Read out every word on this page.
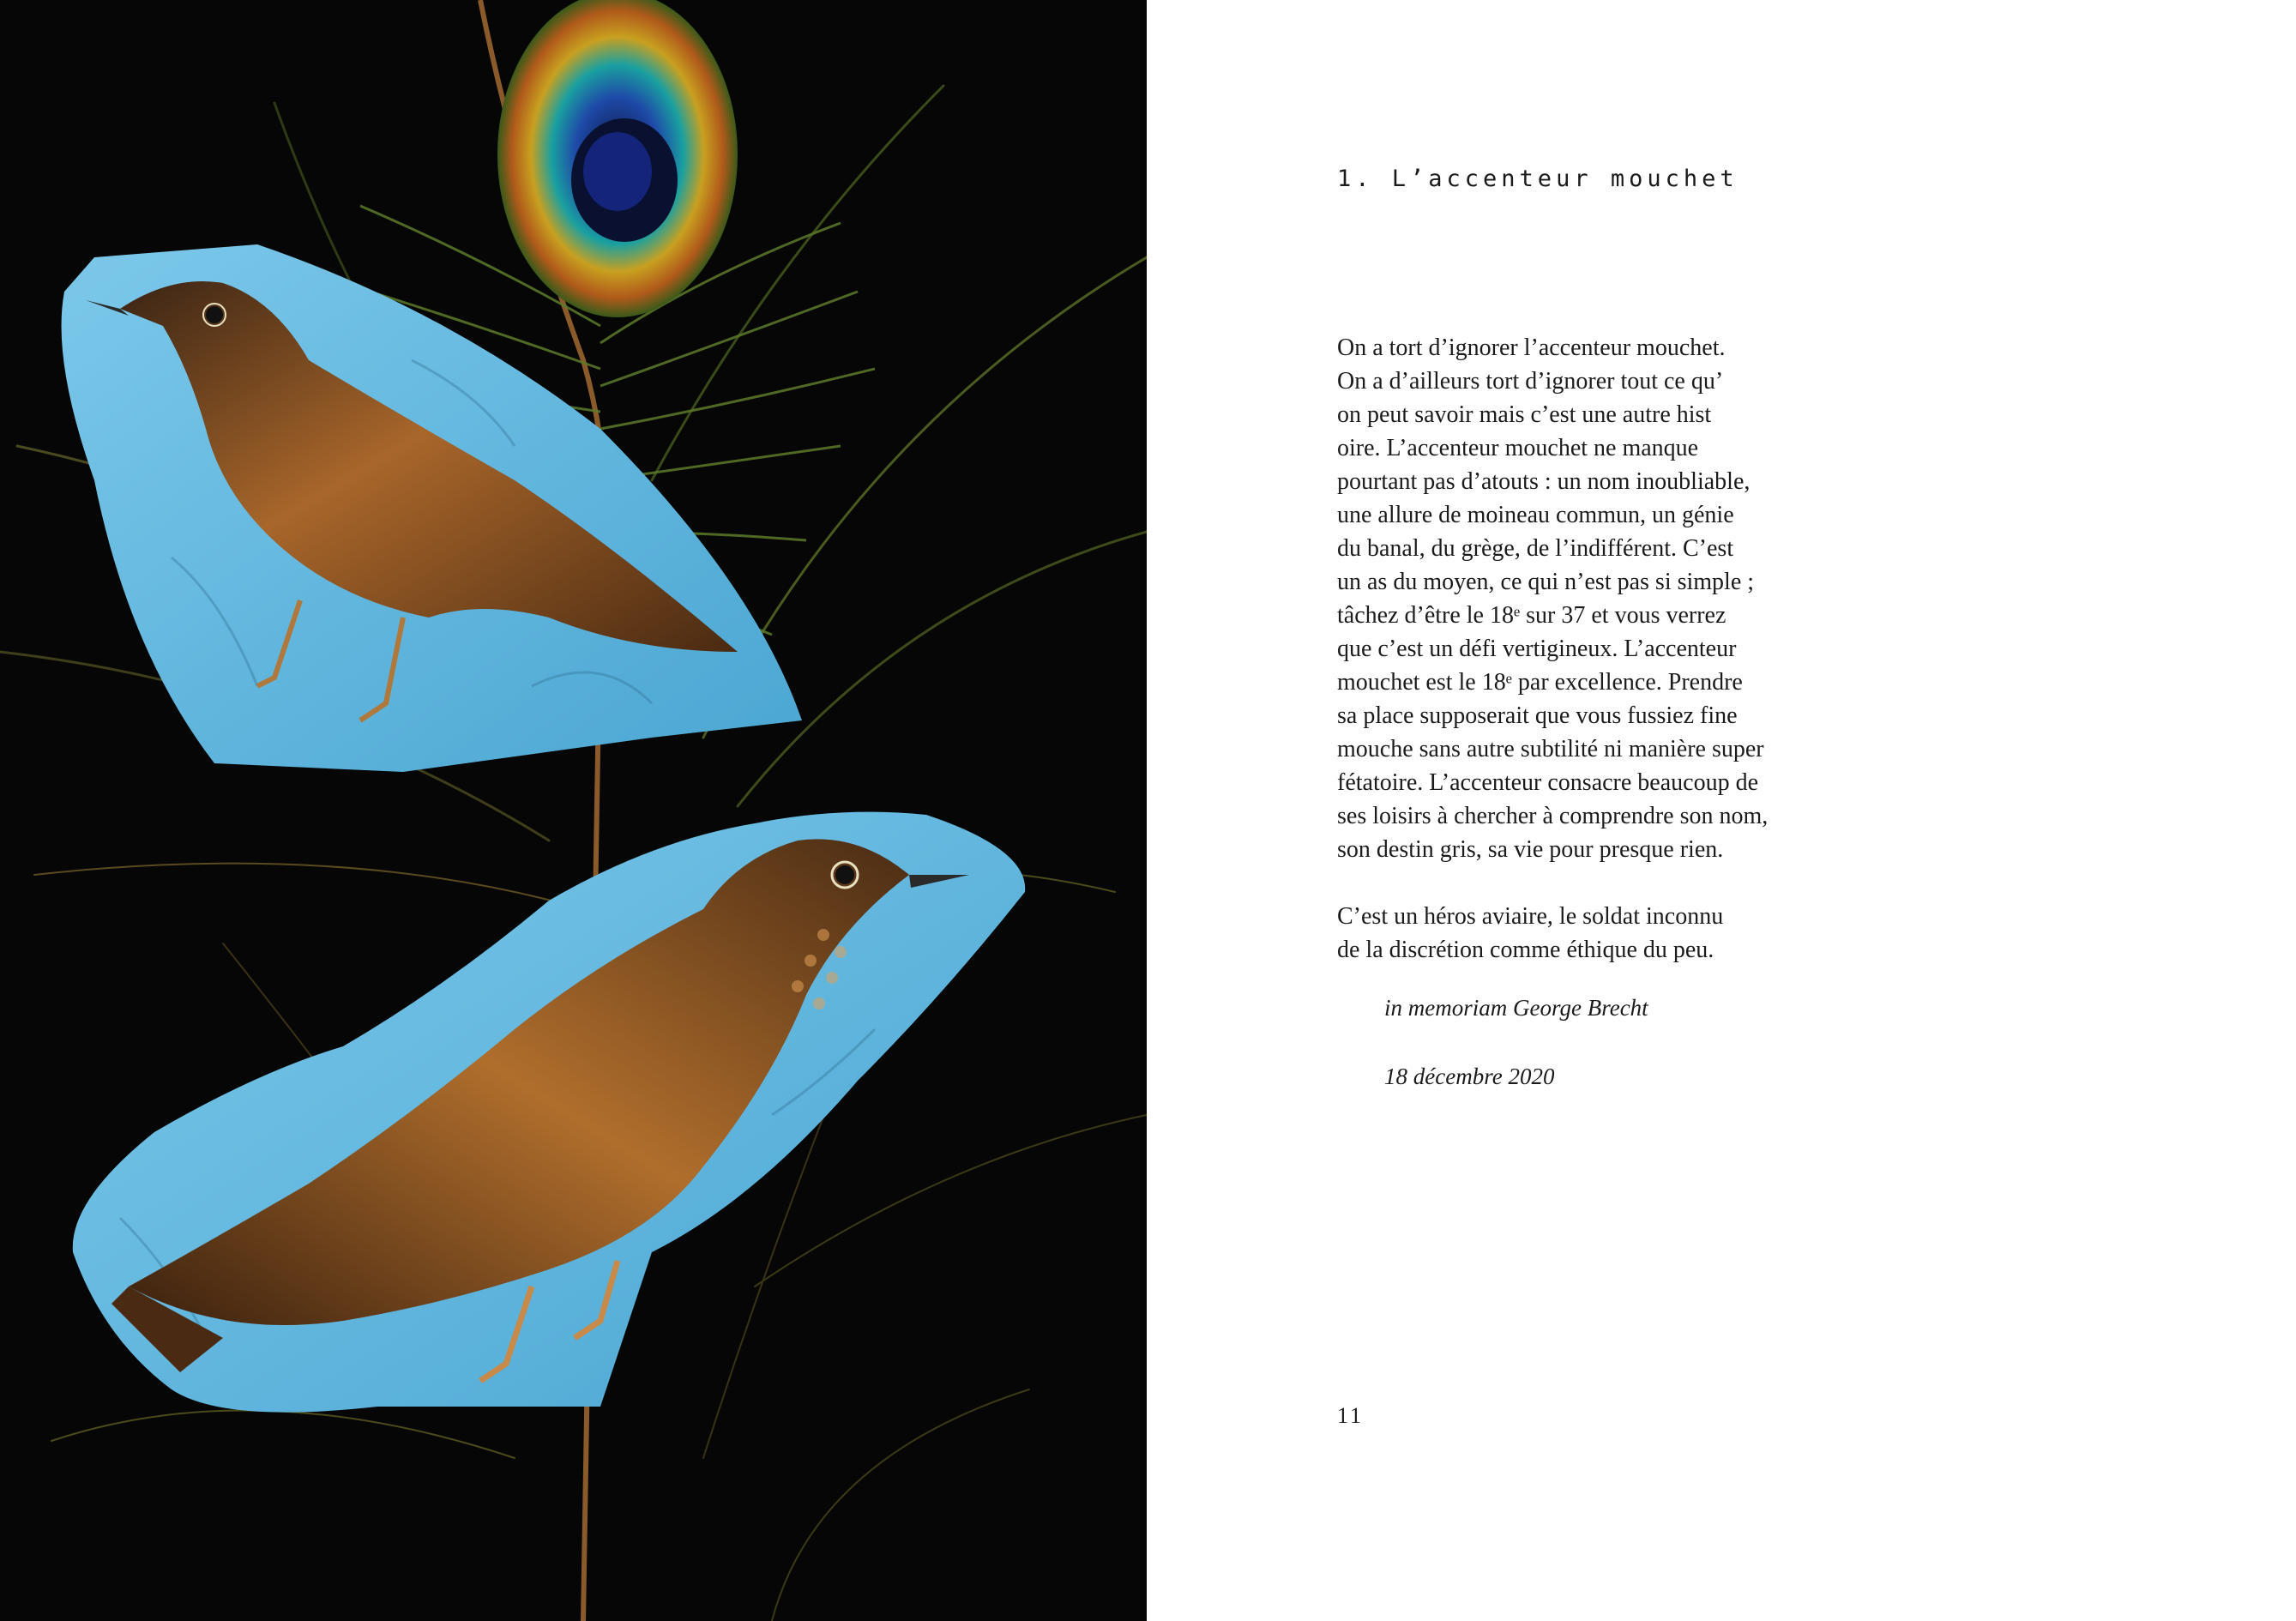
1. L’accenteur mouchet

On a tort d’ignorer l’accenteur mouchet.
On a d’ailleurs tort d’ignorer tout ce qu’
on peut savoir mais c’est une autre hist
oire. L’accenteur mouchet ne manque
pourtant pas d’atouts : un nom inoubliable,
une allure de moineau commun, un génie
du banal, du grège, de l’indifférent. C’est
un as du moyen, ce qui n’est pas si simple ;
tâchez d’être le 18ᵉ sur 37 et vous verrez
que c’est un défi vertigineux. L’accenteur
mouchet est le 18ᵉ par excellence. Prendre
sa place supposerait que vous fussiez fine
mouche sans autre subtilité ni manière super
fétatoire. L’accenteur consacre beaucoup de
ses loisirs à chercher à comprendre son nom,
son destin gris, sa vie pour presque rien.

C’est un héros aviaire, le soldat inconnu
de la discrétion comme éthique du peu.

in memoriam George Brecht
18 décembre 2020
11
